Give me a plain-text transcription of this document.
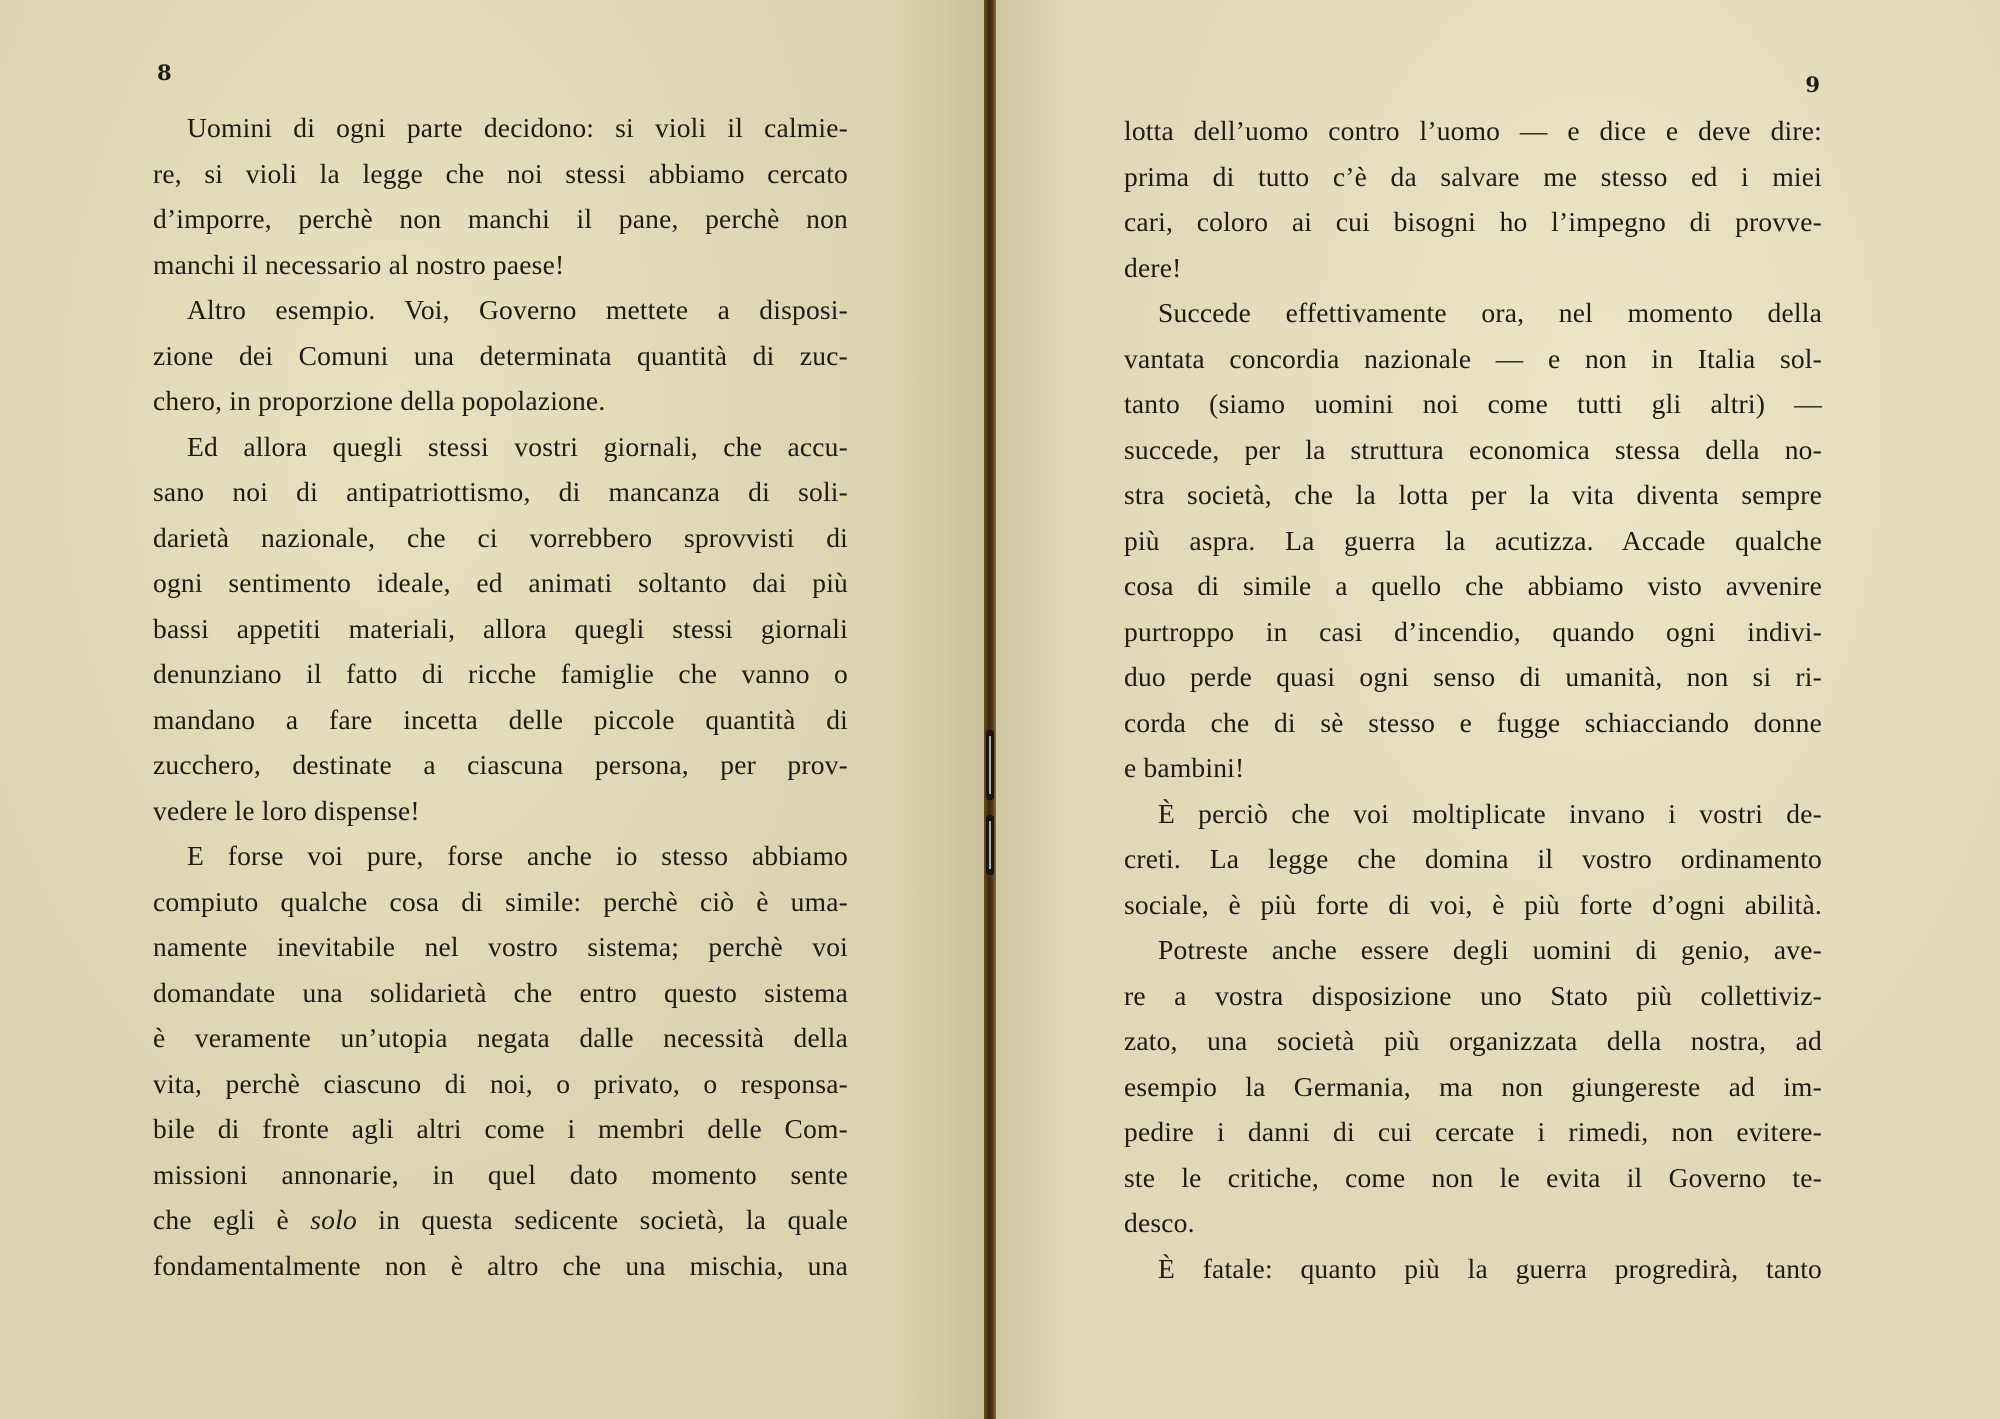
8
Uomini di ogni parte decidono: si violi il calmie-
re, si violi la legge che noi stessi abbiamo cercato
d’imporre, perchè non manchi il pane, perchè non
manchi il necessario al nostro paese!
Altro esempio. Voi, Governo mettete a disposi-
zione dei Comuni una determinata quantità di zuc-
chero, in proporzione della popolazione.
Ed allora quegli stessi vostri giornali, che accu-
sano noi di antipatriottismo, di mancanza di soli-
darietà nazionale, che ci vorrebbero sprovvisti di
ogni sentimento ideale, ed animati soltanto dai più
bassi appetiti materiali, allora quegli stessi giornali
denunziano il fatto di ricche famiglie che vanno o
mandano a fare incetta delle piccole quantità di
zucchero, destinate a ciascuna persona, per prov-
vedere le loro dispense!
E forse voi pure, forse anche io stesso abbiamo
compiuto qualche cosa di simile: perchè ciò è uma-
namente inevitabile nel vostro sistema; perchè voi
domandate una solidarietà che entro questo sistema
è veramente un’utopia negata dalle necessità della
vita, perchè ciascuno di noi, o privato, o responsa-
bile di fronte agli altri come i membri delle Com-
missioni annonarie, in quel dato momento sente
che egli è solo in questa sedicente società, la quale
fondamentalmente non è altro che una mischia, una
9
lotta dell’uomo contro l’uomo — e dice e deve dire:
prima di tutto c’è da salvare me stesso ed i miei
cari, coloro ai cui bisogni ho l’impegno di provve-
dere!
Succede effettivamente ora, nel momento della
vantata concordia nazionale — e non in Italia sol-
tanto (siamo uomini noi come tutti gli altri) —
succede, per la struttura economica stessa della no-
stra società, che la lotta per la vita diventa sempre
più aspra. La guerra la acutizza. Accade qualche
cosa di simile a quello che abbiamo visto avvenire
purtroppo in casi d’incendio, quando ogni indivi-
duo perde quasi ogni senso di umanità, non si ri-
corda che di sè stesso e fugge schiacciando donne
e bambini!
È perciò che voi moltiplicate invano i vostri de-
creti. La legge che domina il vostro ordinamento
sociale, è più forte di voi, è più forte d’ogni abilità.
Potreste anche essere degli uomini di genio, ave-
re a vostra disposizione uno Stato più collettiviz-
zato, una società più organizzata della nostra, ad
esempio la Germania, ma non giungereste ad im-
pedire i danni di cui cercate i rimedi, non evitere-
ste le critiche, come non le evita il Governo te-
desco.
È fatale: quanto più la guerra progredirà, tanto
